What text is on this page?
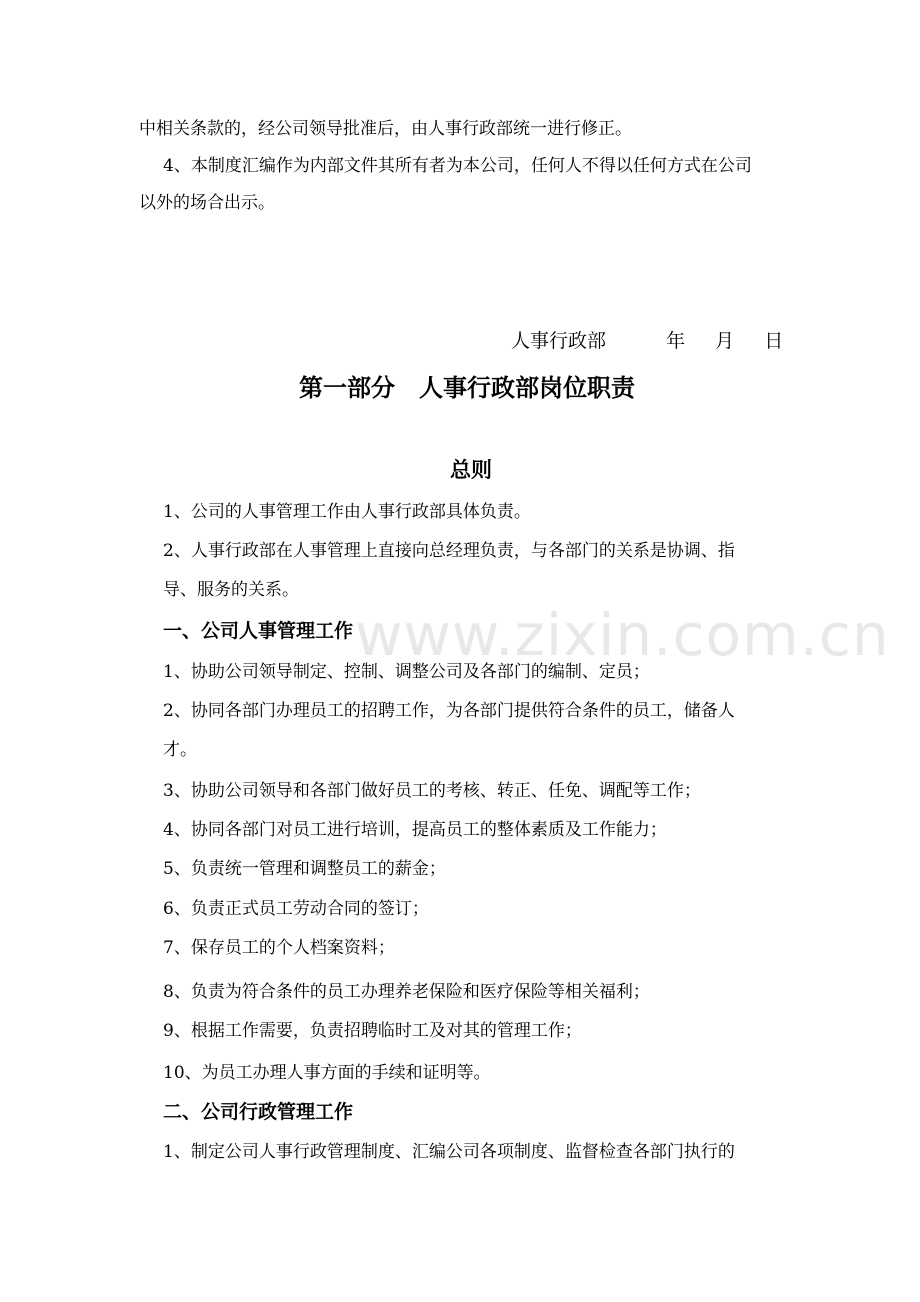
中相关条款的，经公司领导批准后，由人事行政部统一进行修正。
4、本制度汇编作为内部文件其所有者为本公司，任何人不得以任何方式在公司
以外的场合出示。
人事行政部	年 月 日
第一部分　人事行政部岗位职责
总则
1、公司的人事管理工作由人事行政部具体负责。
2、人事行政部在人事管理上直接向总经理负责，与各部门的关系是协调、指
导、服务的关系。
一、公司人事管理工作
1、协助公司领导制定、控制、调整公司及各部门的编制、定员；
2、协同各部门办理员工的招聘工作，为各部门提供符合条件的员工，储备人
才。
3、协助公司领导和各部门做好员工的考核、转正、任免、调配等工作；
4、协同各部门对员工进行培训，提高员工的整体素质及工作能力；
5、负责统一管理和调整员工的薪金；
6、负责正式员工劳动合同的签订；
7、保存员工的个人档案资料；
8、负责为符合条件的员工办理养老保险和医疗保险等相关福利；
9、根据工作需要，负责招聘临时工及对其的管理工作；
10、为员工办理人事方面的手续和证明等。
二、公司行政管理工作
1、制定公司人事行政管理制度、汇编公司各项制度、监督检查各部门执行的
www.zixin.com.cn
